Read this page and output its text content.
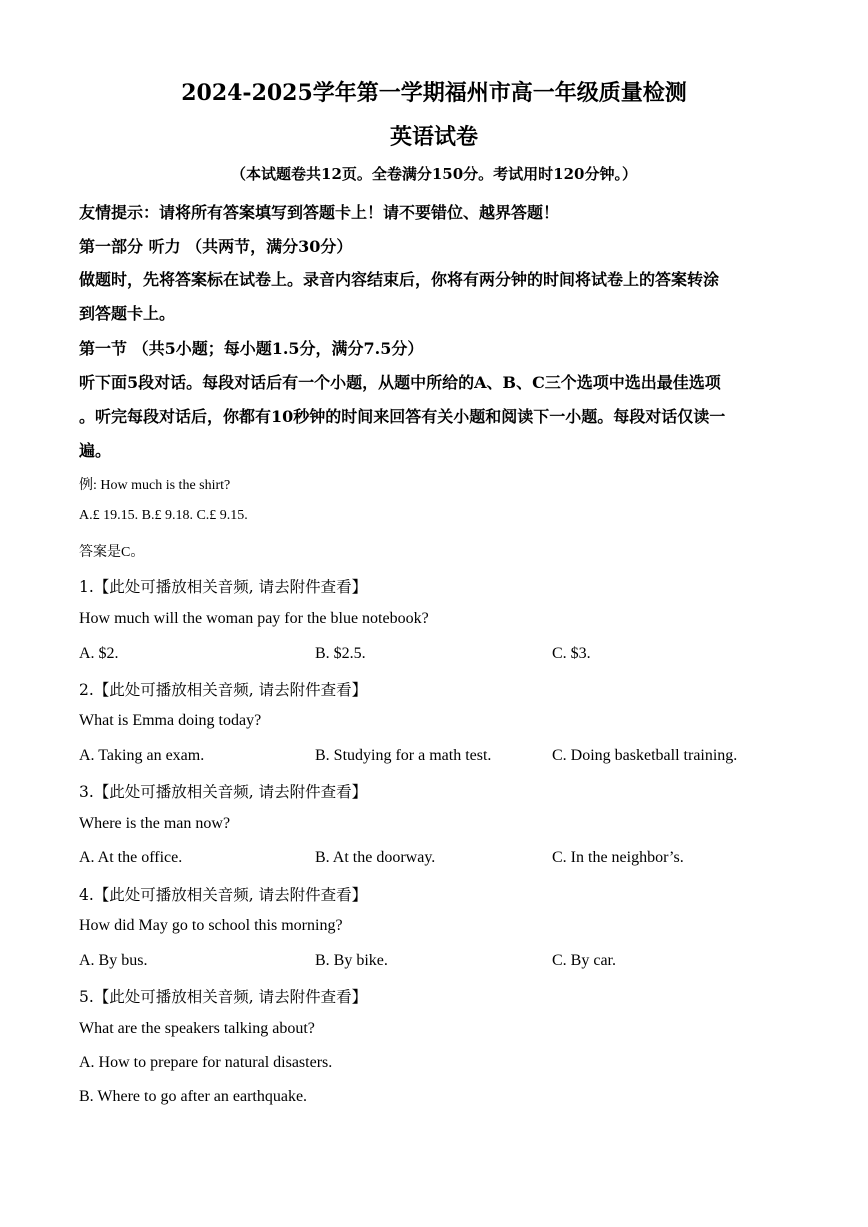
2024-2025学年第一学期福州市高一年级质量检测
英语试卷
（本试题卷共12页。全卷满分150分。考试用时120分钟。）
友情提示：请将所有答案填写到答题卡上！请不要错位、越界答题！
第一部分 听力 （共两节，满分30分）
做题时，先将答案标在试卷上。录音内容结束后，你将有两分钟的时间将试卷上的答案转涂
到答题卡上。
第一节 （共5小题；每小题1.5分，满分7.5分）
听下面5段对话。每段对话后有一个小题，从题中所给的A、B、C三个选项中选出最佳选项
。听完每段对话后，你都有10秒钟的时间来回答有关小题和阅读下一小题。每段对话仅读一
遍。
例: How much is the shirt?
A.£ 19.15. B.£ 9.18. C.£ 9.15.
答案是C。
1.【此处可播放相关音频, 请去附件查看】
How much will the woman pay for the blue notebook?
A. $2.	B. $2.5.	C. $3.
2.【此处可播放相关音频, 请去附件查看】
What is Emma doing today?
A. Taking an exam.	B. Studying for a math test.	C. Doing basketball training.
3.【此处可播放相关音频, 请去附件查看】
Where is the man now?
A. At the office.	B. At the doorway.	C. In the neighbor’s.
4.【此处可播放相关音频, 请去附件查看】
How did May go to school this morning?
A. By bus.	B. By bike.	C. By car.
5.【此处可播放相关音频, 请去附件查看】
What are the speakers talking about?
A. How to prepare for natural disasters.
B. Where to go after an earthquake.
